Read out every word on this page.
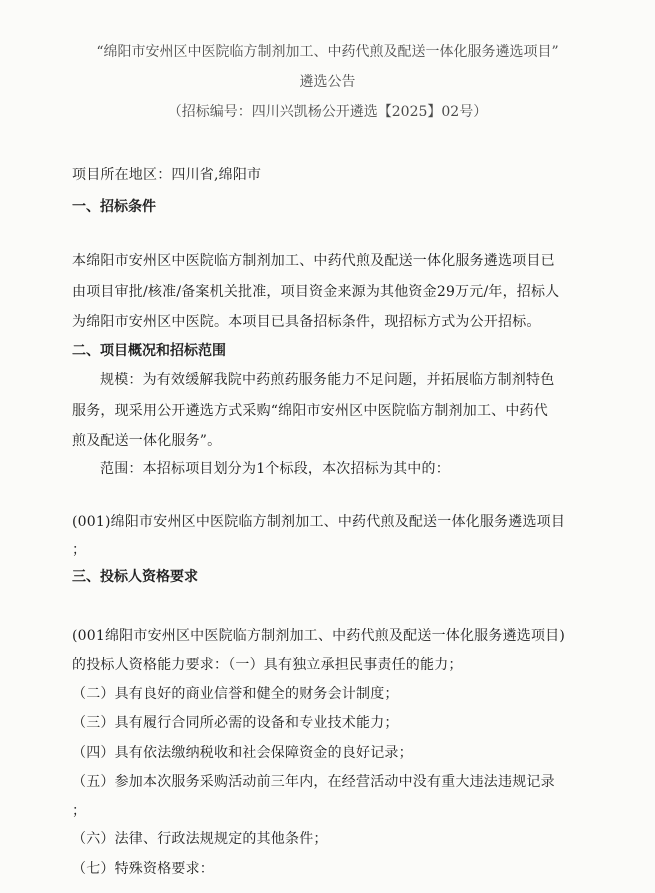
“绵阳市安州区中医院临方制剂加工、中药代煎及配送一体化服务遴选项目”
遴选公告
（招标编号：四川兴凯杨公开遴选【2025】02号）
项目所在地区：四川省,绵阳市
一、招标条件
本绵阳市安州区中医院临方制剂加工、中药代煎及配送一体化服务遴选项目已
由项目审批/核准/备案机关批准，项目资金来源为其他资金29万元/年，招标人
为绵阳市安州区中医院。本项目已具备招标条件，现招标方式为公开招标。
二、项目概况和招标范围
规模：为有效缓解我院中药煎药服务能力不足问题，并拓展临方制剂特色
服务，现采用公开遴选方式采购“绵阳市安州区中医院临方制剂加工、中药代
煎及配送一体化服务”。
范围：本招标项目划分为1个标段，本次招标为其中的：
(001)绵阳市安州区中医院临方制剂加工、中药代煎及配送一体化服务遴选项目
；
三、投标人资格要求
(001绵阳市安州区中医院临方制剂加工、中药代煎及配送一体化服务遴选项目)
的投标人资格能力要求：（一）具有独立承担民事责任的能力；
（二）具有良好的商业信誉和健全的财务会计制度；
（三）具有履行合同所必需的设备和专业技术能力；
（四）具有依法缴纳税收和社会保障资金的良好记录；
（五）参加本次服务采购活动前三年内，在经营活动中没有重大违法违规记录
；
（六）法律、行政法规规定的其他条件；
（七）特殊资格要求：
